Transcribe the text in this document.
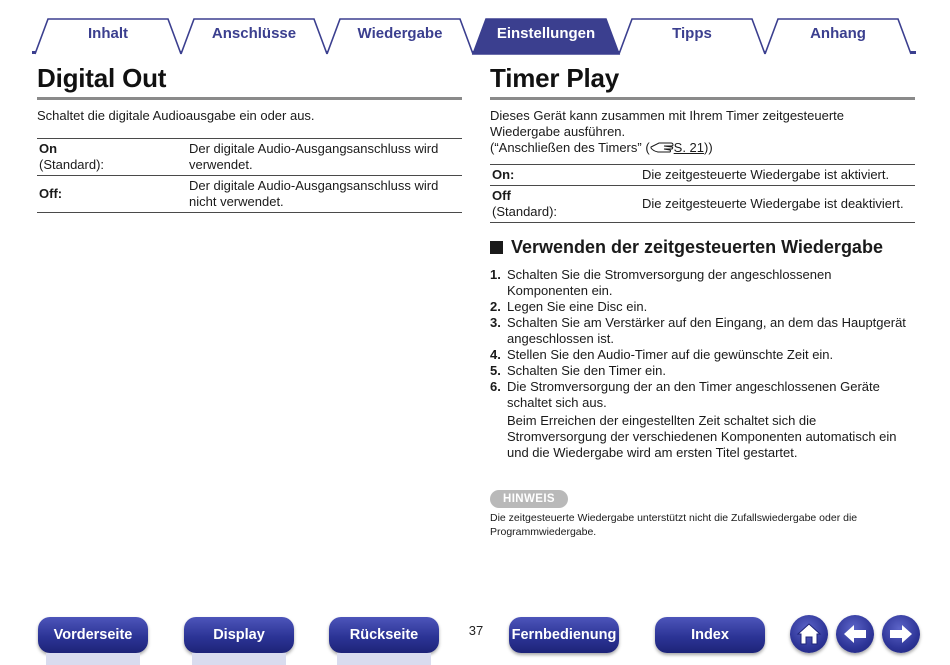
Inhalt	Anschlüsse	Wiedergabe	Einstellungen	Tipps	Anhang
Digital Out

Schaltet die digitale Audioausgabe ein oder aus.

On
(Standard):	Der digitale Audio-Ausgangsanschluss wird verwendet.
Off:	Der digitale Audio-Ausgangsanschluss wird nicht verwendet.
Timer Play

Dieses Gerät kann zusammen mit Ihrem Timer zeitgesteuerte Wiedergabe ausführen.
(“Anschließen des Timers” ( S. 21))

On:	Die zeitgesteuerte Wiedergabe ist aktiviert.
Off
(Standard):	Die zeitgesteuerte Wiedergabe ist deaktiviert.
Verwenden der zeitgesteuerten Wiedergabe
1. Schalten Sie die Stromversorgung der angeschlossenen Komponenten ein.
2. Legen Sie eine Disc ein.
3. Schalten Sie am Verstärker auf den Eingang, an dem das Hauptgerät angeschlossen ist.
4. Stellen Sie den Audio-Timer auf die gewünschte Zeit ein.
5. Schalten Sie den Timer ein.
6. Die Stromversorgung der an den Timer angeschlossenen Geräte schaltet sich aus.

Beim Erreichen der eingestellten Zeit schaltet sich die Stromversorgung der verschiedenen Komponenten automatisch ein und die Wiedergabe wird am ersten Titel gestartet.

HINWEIS

Die zeitgesteuerte Wiedergabe unterstützt nicht die Zufallswiedergabe oder die Programmwiedergabe.

Vorderseite	Display	Rückseite	37	Fernbedienung	Index
